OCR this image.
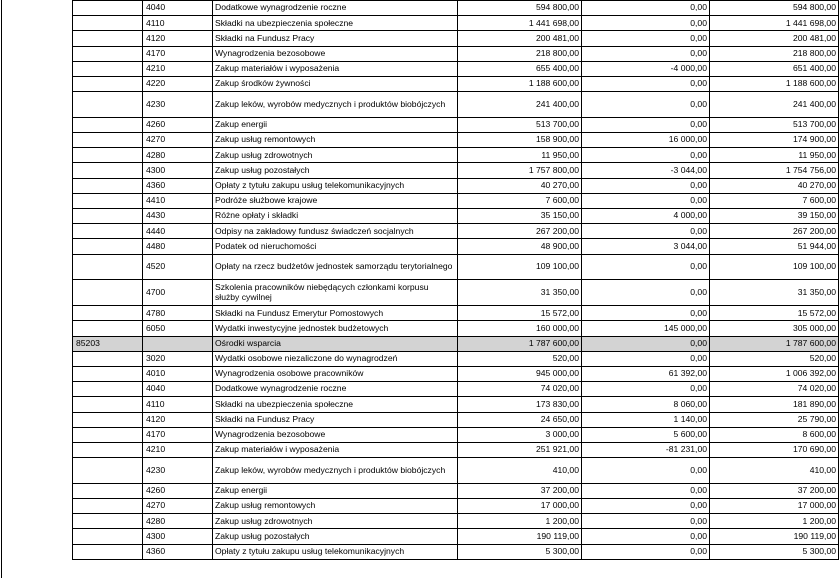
	4040	Dodatkowe wynagrodzenie roczne	594 800,00	0,00	594 800,00
	4110	Składki na ubezpieczenia społeczne	1 441 698,00	0,00	1 441 698,00
	4120	Składki na Fundusz Pracy	200 481,00	0,00	200 481,00
	4170	Wynagrodzenia bezosobowe	218 800,00	0,00	218 800,00
	4210	Zakup materiałów i wyposażenia	655 400,00	-4 000,00	651 400,00
	4220	Zakup środków żywności	1 188 600,00	0,00	1 188 600,00
	4230	Zakup leków, wyrobów medycznych i produktów biobójczych	241 400,00	0,00	241 400,00
	4260	Zakup energii	513 700,00	0,00	513 700,00
	4270	Zakup usług remontowych	158 900,00	16 000,00	174 900,00
	4280	Zakup usług zdrowotnych	11 950,00	0,00	11 950,00
	4300	Zakup usług pozostałych	1 757 800,00	-3 044,00	1 754 756,00
	4360	Opłaty z tytułu zakupu usług telekomunikacyjnych	40 270,00	0,00	40 270,00
	4410	Podróże służbowe krajowe	7 600,00	0,00	7 600,00
	4430	Różne opłaty i składki	35 150,00	4 000,00	39 150,00
	4440	Odpisy na zakładowy fundusz świadczeń socjalnych	267 200,00	0,00	267 200,00
	4480	Podatek od nieruchomości	48 900,00	3 044,00	51 944,00
	4520	Opłaty na rzecz budżetów jednostek samorządu terytorialnego	109 100,00	0,00	109 100,00
	4700	Szkolenia pracowników niebędących członkami korpusu służby cywilnej	31 350,00	0,00	31 350,00
	4780	Składki na Fundusz Emerytur Pomostowych	15 572,00	0,00	15 572,00
	6050	Wydatki inwestycyjne jednostek budżetowych	160 000,00	145 000,00	305 000,00
85203		Ośrodki wsparcia	1 787 600,00	0,00	1 787 600,00
	3020	Wydatki osobowe niezaliczone do wynagrodzeń	520,00	0,00	520,00
	4010	Wynagrodzenia osobowe pracowników	945 000,00	61 392,00	1 006 392,00
	4040	Dodatkowe wynagrodzenie roczne	74 020,00	0,00	74 020,00
	4110	Składki na ubezpieczenia społeczne	173 830,00	8 060,00	181 890,00
	4120	Składki na Fundusz Pracy	24 650,00	1 140,00	25 790,00
	4170	Wynagrodzenia bezosobowe	3 000,00	5 600,00	8 600,00
	4210	Zakup materiałów i wyposażenia	251 921,00	-81 231,00	170 690,00
	4230	Zakup leków, wyrobów medycznych i produktów biobójczych	410,00	0,00	410,00
	4260	Zakup energii	37 200,00	0,00	37 200,00
	4270	Zakup usług remontowych	17 000,00	0,00	17 000,00
	4280	Zakup usług zdrowotnych	1 200,00	0,00	1 200,00
	4300	Zakup usług pozostałych	190 119,00	0,00	190 119,00
	4360	Opłaty z tytułu zakupu usług telekomunikacyjnych	5 300,00	0,00	5 300,00
